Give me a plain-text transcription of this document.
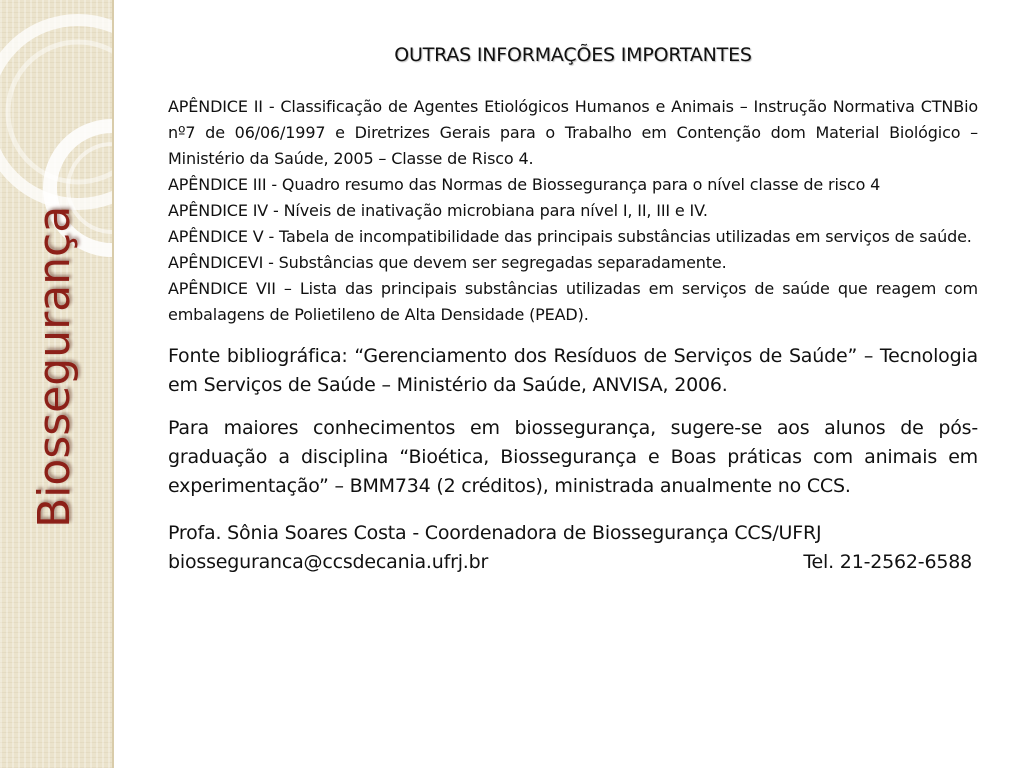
Biossegurança
OUTRAS INFORMAÇÕES IMPORTANTES

APÊNDICE II - Classificação de Agentes Etiológicos Humanos e Animais – Instrução Normativa CTNBio nº7 de 06/06/1997 e Diretrizes Gerais para o Trabalho em Contenção dom Material Biológico – Ministério da Saúde, 2005 – Classe de Risco 4.

APÊNDICE III - Quadro resumo das Normas de Biossegurança para o nível classe de risco 4

APÊNDICE IV - Níveis de inativação microbiana para nível I, II, III e IV.

APÊNDICE V - Tabela de incompatibilidade das principais substâncias utilizadas em serviços de saúde.

APÊNDICEVI - Substâncias que devem ser segregadas separadamente.

APÊNDICE VII – Lista das principais substâncias utilizadas em serviços de saúde que reagem com embalagens de Polietileno de Alta Densidade (PEAD).

Fonte bibliográfica: “Gerenciamento dos Resíduos de Serviços de Saúde” – Tecnologia em Serviços de Saúde – Ministério da Saúde, ANVISA, 2006.

Para maiores conhecimentos em biossegurança, sugere-se aos alunos de pós-graduação a disciplina “Bioética, Biossegurança e Boas práticas com animais em experimentação” – BMM734 (2 créditos), ministrada anualmente no CCS.

Profa. Sônia Soares Costa - Coordenadora de Biossegurança CCS/UFRJ
biosseguranca@ccsdecania.ufrj.br	Tel. 21-2562-6588
